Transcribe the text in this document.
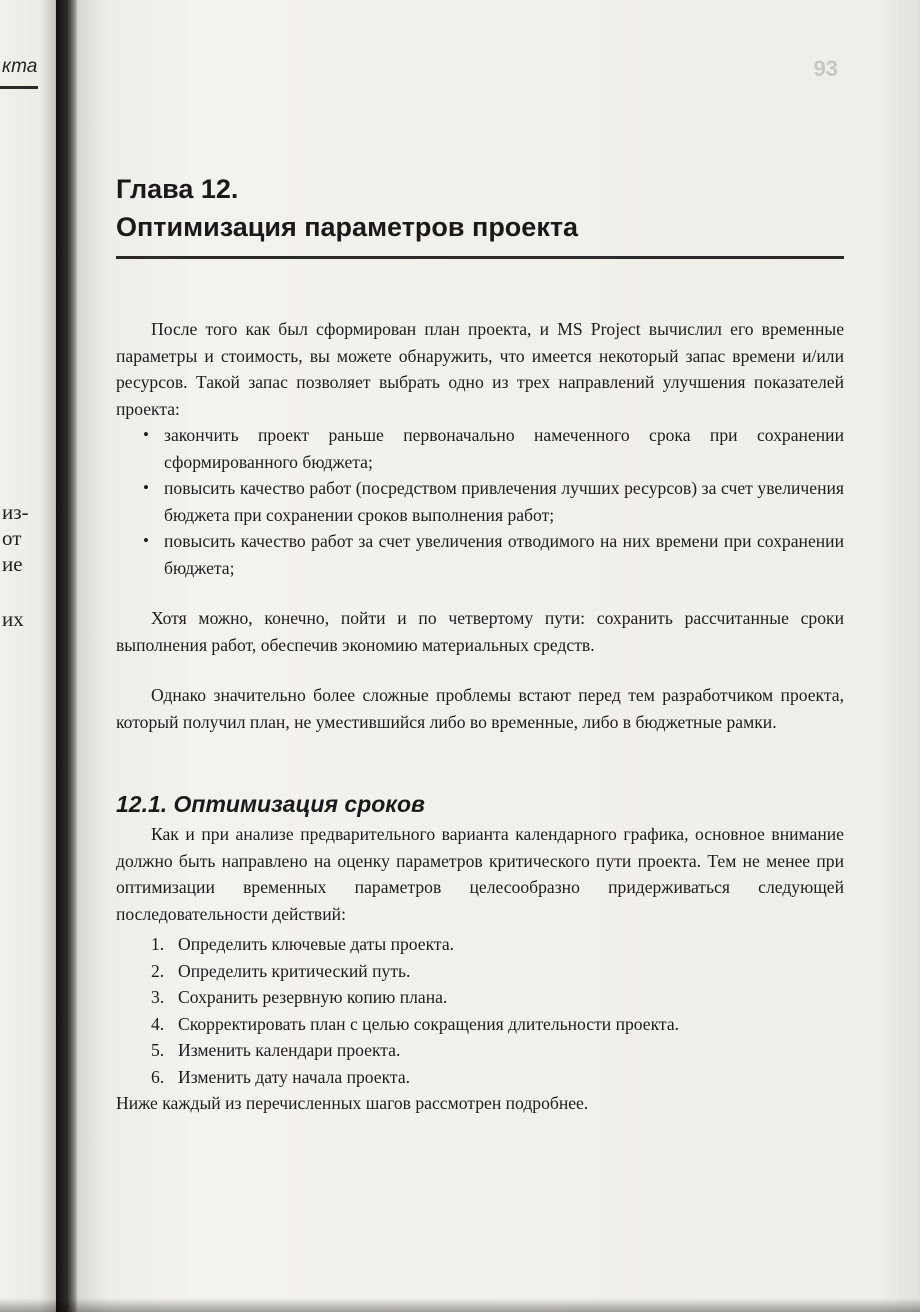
кта

из-

от

ие

их

93

Глава 12.
Оптимизация параметров проекта

После того как был сформирован план проекта, и MS Project вычислил его временные параметры и стоимость, вы можете обнаружить, что имеется некоторый запас времени и/или ресурсов. Такой запас позволяет выбрать одно из трех направлений улучшения показателей проекта:

• закончить проект раньше первоначально намеченного срока при сохранении сформированного бюджета;
• повысить качество работ (посредством привлечения лучших ресурсов) за счет увеличения бюджета при сохранении сроков выполнения работ;
• повысить качество работ за счет увеличения отводимого на них времени при сохранении бюджета;

Хотя можно, конечно, пойти и по четвертому пути: сохранить рассчитанные сроки выполнения работ, обеспечив экономию материальных средств.

Однако значительно более сложные проблемы встают перед тем разработчиком проекта, который получил план, не уместившийся либо во временные, либо в бюджетные рамки.

12.1. Оптимизация сроков

Как и при анализе предварительного варианта календарного графика, основное внимание должно быть направлено на оценку параметров критического пути проекта. Тем не менее при оптимизации временных параметров целесообразно придерживаться следующей последовательности действий:

1. Определить ключевые даты проекта.
2. Определить критический путь.
3. Сохранить резервную копию плана.
4. Скорректировать план с целью сокращения длительности проекта.
5. Изменить календари проекта.
6. Изменить дату начала проекта.

Ниже каждый из перечисленных шагов рассмотрен подробнее.
